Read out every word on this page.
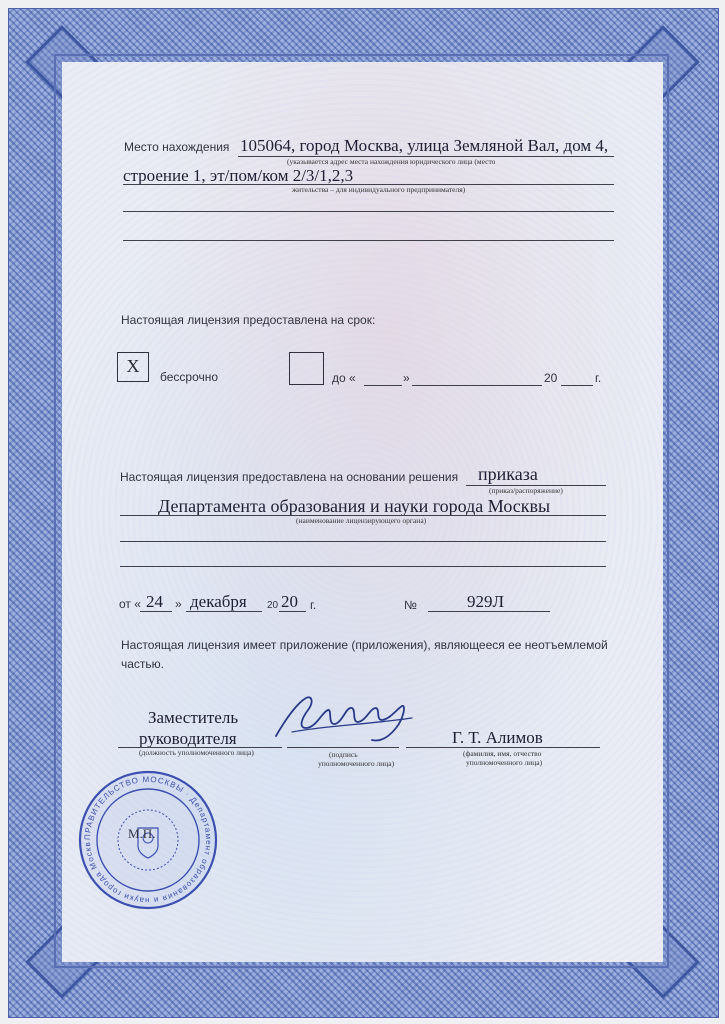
Место нахождения 105064, город Москва, улица Земляной Вал, дом 4,
(указывается адрес места нахождения юридического лица (место
строение 1, эт/пом/ком 2/3/1,2,3
жительства – для индивидуального предпринимателя)
Настоящая лицензия предоставлена на срок:
Х
бессрочно	до «	»	20	г.
Настоящая лицензия предоставлена на основании решения приказа
(приказ/распоряжение)
Департамента образования и науки города Москвы
(наименование лицензирующего органа)
от « 24 » декабря 20 20 г.	№	929Л
Настоящая лицензия имеет приложение (приложения), являющееся ее неотъемлемой
частью.
Заместитель
руководителя
(должность уполномоченного лица)	(подпись
уполномоченного лица)
Г. Т. Алимов
(фамилия, имя, отчество
уполномоченного лица)
ПРАВИТЕЛЬСТВО МОСКВЫ · Департамент образования и науки города Москв
М.П.
